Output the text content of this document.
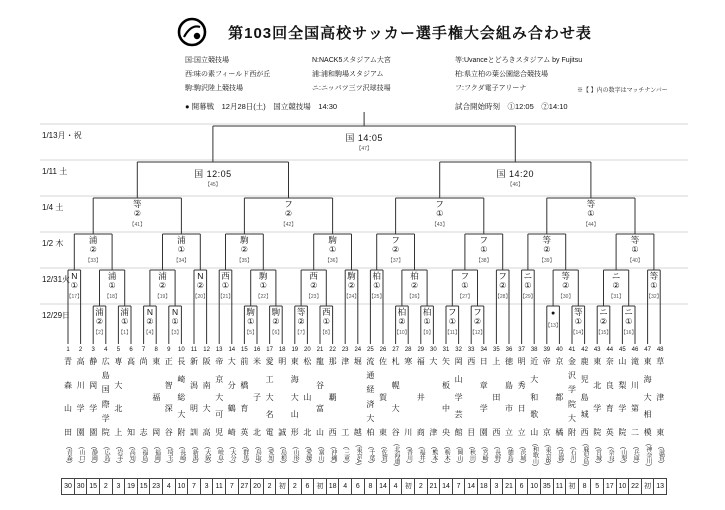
第103回全国高校サッカー選手権大会組み合わせ表
国:国立競技場
西:味の素フィールド西が丘
駒:駒沢陸上競技場
N:NACK5スタジアム大宮
浦:浦和駒場スタジアム
ニ:ニッパツ三ツ沢球技場
等:Uvanceとどろきスタジアム by Fujitsu
柏:県立柏の葉公園総合競技場
フ:フクダ電子アリーナ	※【 】内の数字はマッチナンバー
● 開幕戦　12月28日(土)　国立競技場　14:30	試合開始時刻　①12:05　②14:10
1/13月・祝
1/11 土
1/4 土
1/2 木
12/31火
12/29日	浦
②
【2】
浦
①
【1】
N
②
【4】
N
①
【3】
駒
①
【5】
駒
②
【6】
等
②
【7】
西
①
【8】
柏
②
【10】
柏
①
【9】
フ
①
【11】
フ
②
【12】
●
【13】
等
①
【14】
ニ
②
【15】
ニ
①
【16】
N
①
【17】
浦
①
【18】
浦
②
【19】
N
②
【20】
西
①
【21】
駒
①
【22】
西
②
【23】
駒
②
【24】
柏
①
【25】
柏
②
【26】
フ
①
【27】
フ
②
【28】
ニ
①
【29】
等
②
【30】
ニ
②
【31】
等
①
【32】
浦
②
【33】
浦
①
【34】
駒
②
【35】
駒
①
【36】
フ
②
【37】
フ
①
【38】
等
②
【39】
等
①
【40】
等
②
【41】
フ
②
【42】
フ
①
【43】
等
①
【44】
国 12:05
【45】
国 14:20
【46】
国 14:05
【47】
1
青
森
山
田
(青森)
30
2
高
川
学
園
(山口)
30
3
静
岡
学
園
(静岡)
15
4
広
島
国
際
学
院
(広島)
2
5
専
大
北
上
(岩手)
3
6
高
知
(高知)
19
7
尚
志
(福島)
15
8
東
福
岡
(福岡)
23
9
正
智
深
谷
(埼玉)
4
10
長
崎
総
大
附
(長崎)
10
11
新
潟
明
訓
(新潟)
7
12
阪
南
大
高
(大阪)
3
13
帝
京
大
可
児
(岐阜)
11
14
大
分
鶴
崎
(大分)
7
15
前
橋
育
英
(群馬)
27
16
米
子
北
(鳥取)
20
17
愛
工
大
名
電
(愛知)
2
18
明
誠
(島根)
初
19
東
海
大
山
形
(山形)
2
20
松
山
北
(愛媛)
6
21
龍
谷
富
山
(富山)
初
22
那
覇
西
(沖縄)
18
23
津
工
(三重)
4
24
堀
越
(東京A)
6
25
流
通
経
済
大
柏
(千葉)
8
26
佐
賀
東
(佐賀)
14
27
札
幌
大
谷
(北海道)
4
28
寒
川
(香川)
初
29
福
井
商
(福井)
2
30
大
津
(熊本)
21
31
矢
板
中
央
(栃木)
14
32
岡
山
学
芸
館
(岡山)
7
33
西
目
(秋田)
14
34
日
章
学
園
(宮崎)
18
35
上
田
西
(長野)
3
36
徳
島
市
立
(徳島)
21
37
明
秀
日
立
(茨城)
6
38
近
大
和
歌
山
(和歌山)
10
39
帝
京
(東京B)
35
40
京
都
橘
(京都)
11
41
金
沢
学
院
大
附
(石川)
初
42
鹿
児
島
城
西
(鹿児島)
8
43
東
北
学
院
(宮城)
5
44
奈
良
育
英
(奈良)
17
45
山
梨
学
院
(山梨)
10
46
滝
川
第
二
(兵庫)
22
47
東
海
大
相
模
(神奈川)
初
48
草
津
東
(滋賀)
13
